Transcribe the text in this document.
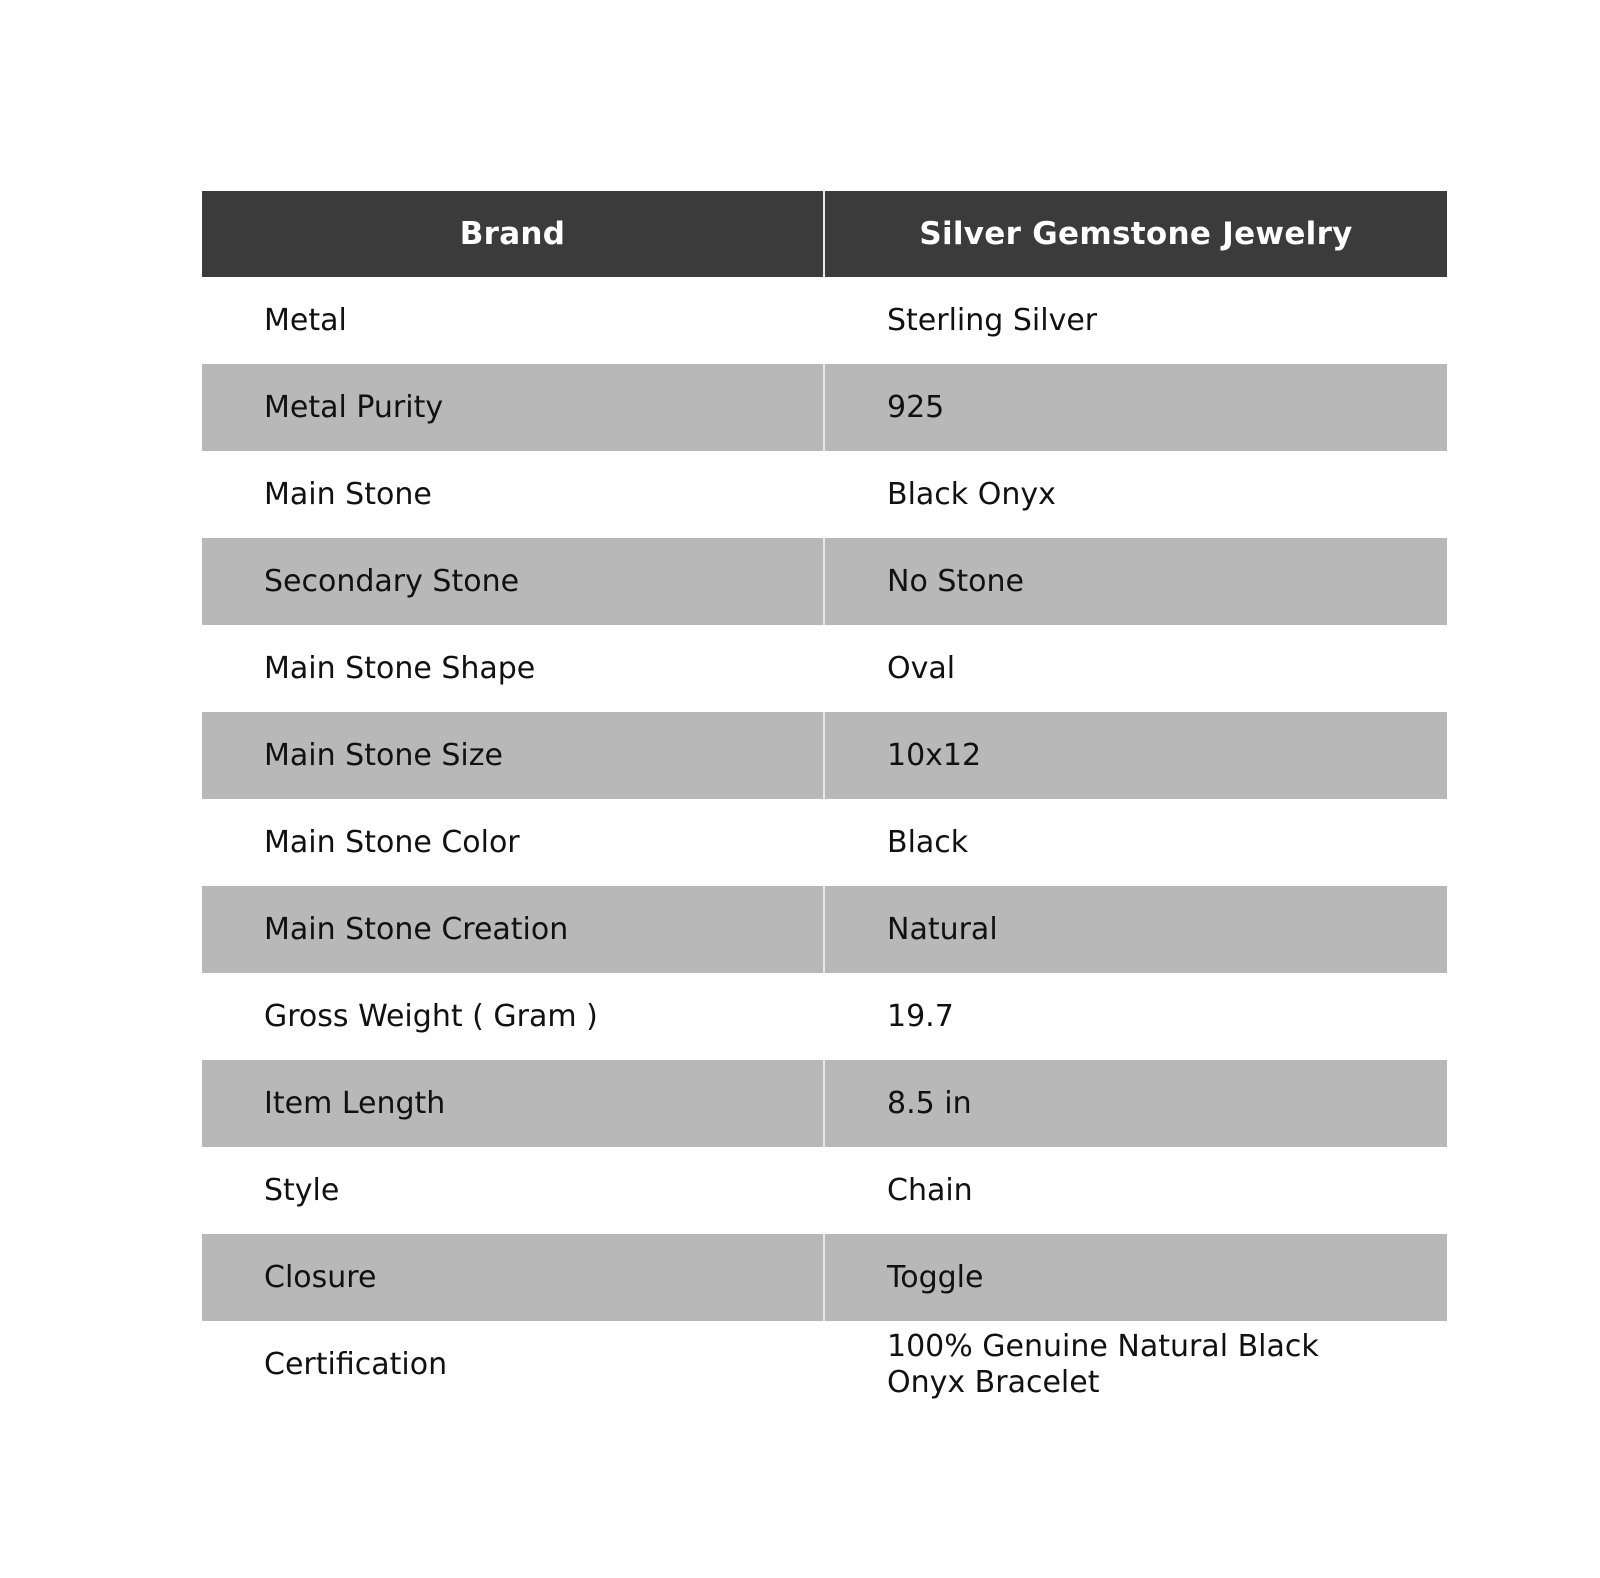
Brand	Silver Gemstone Jewelry
Metal	Sterling Silver
Metal Purity	925
Main Stone	Black Onyx
Secondary Stone	No Stone
Main Stone Shape	Oval
Main Stone Size	10x12
Main Stone Color	Black
Main Stone Creation	Natural
Gross Weight ( Gram )	19.7
Item Length	8.5 in
Style	Chain
Closure	Toggle
Certification	100% Genuine Natural Black Onyx Bracelet
